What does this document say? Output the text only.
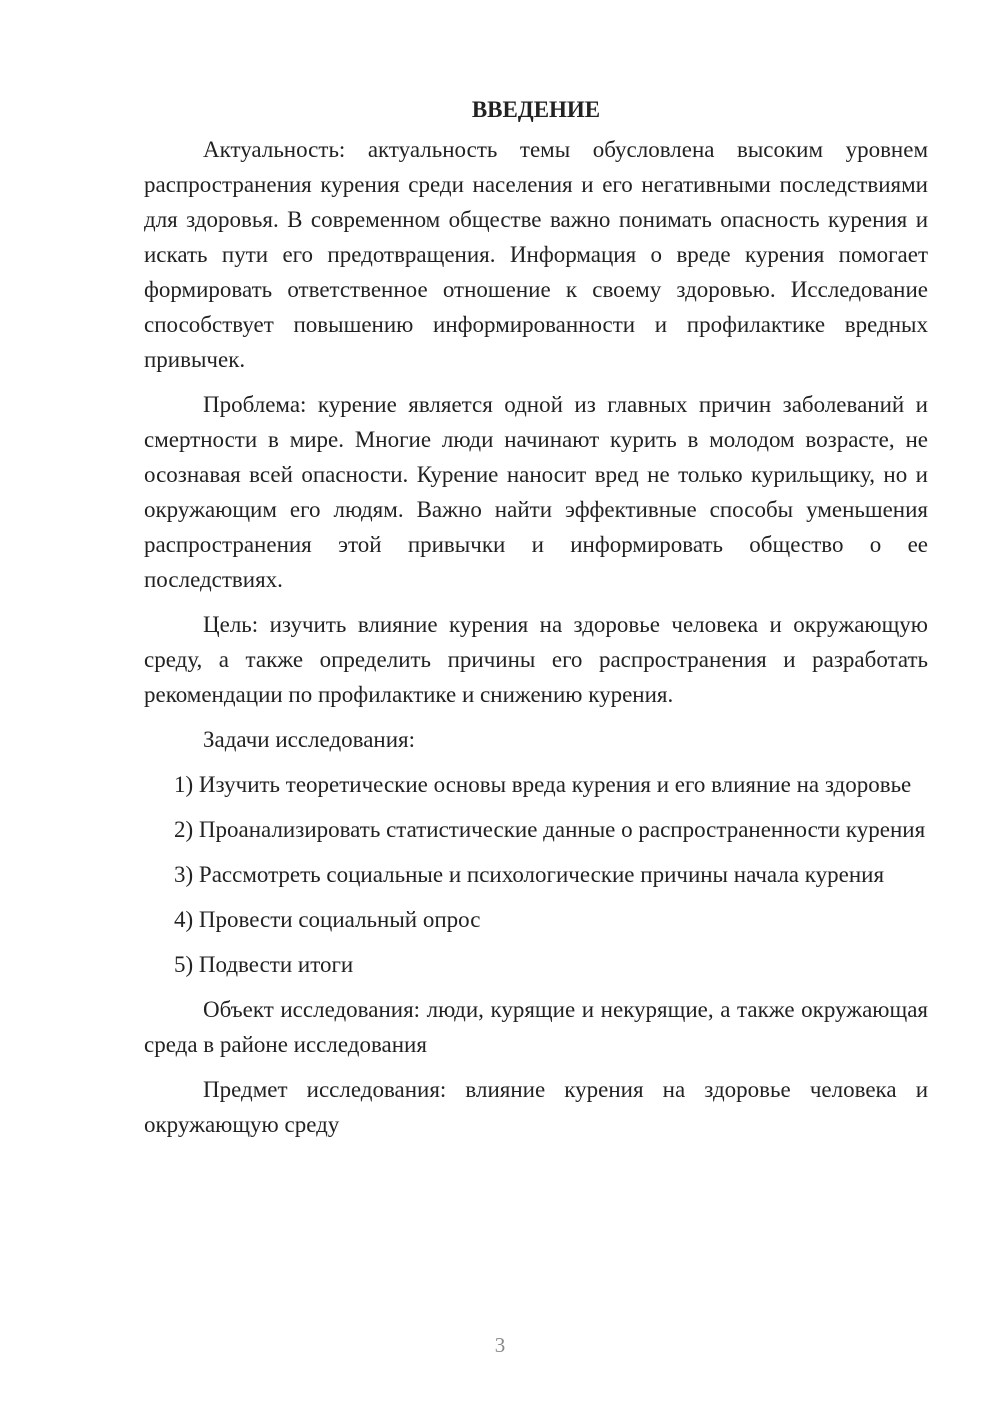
ВВЕДЕНИЕ

Актуальность: актуальность темы обусловлена высоким уровнем распространения курения среди населения и его негативными последствиями для здоровья. В современном обществе важно понимать опасность курения и искать пути его предотвращения. Информация о вреде курения помогает формировать ответственное отношение к своему здоровью. Исследование способствует повышению информированности и профилактике вредных привычек.

Проблема: курение является одной из главных причин заболеваний и смертности в мире. Многие люди начинают курить в молодом возрасте, не осознавая всей опасности. Курение наносит вред не только курильщику, но и окружающим его людям. Важно найти эффективные способы уменьшения распространения этой привычки и информировать общество о ее последствиях.

Цель: изучить влияние курения на здоровье человека и окружающую среду, а также определить причины его распространения и разработать рекомендации по профилактике и снижению курения.

Задачи исследования:

1) Изучить теоретические основы вреда курения и его влияние на здоровье

2) Проанализировать статистические данные о распространенности курения

3) Рассмотреть социальные и психологические причины начала курения

4) Провести социальный опрос

5) Подвести итоги

Объект исследования: люди, курящие и некурящие, а также окружающая среда в районе исследования

Предмет исследования: влияние курения на здоровье человека и окружающую среду

3
